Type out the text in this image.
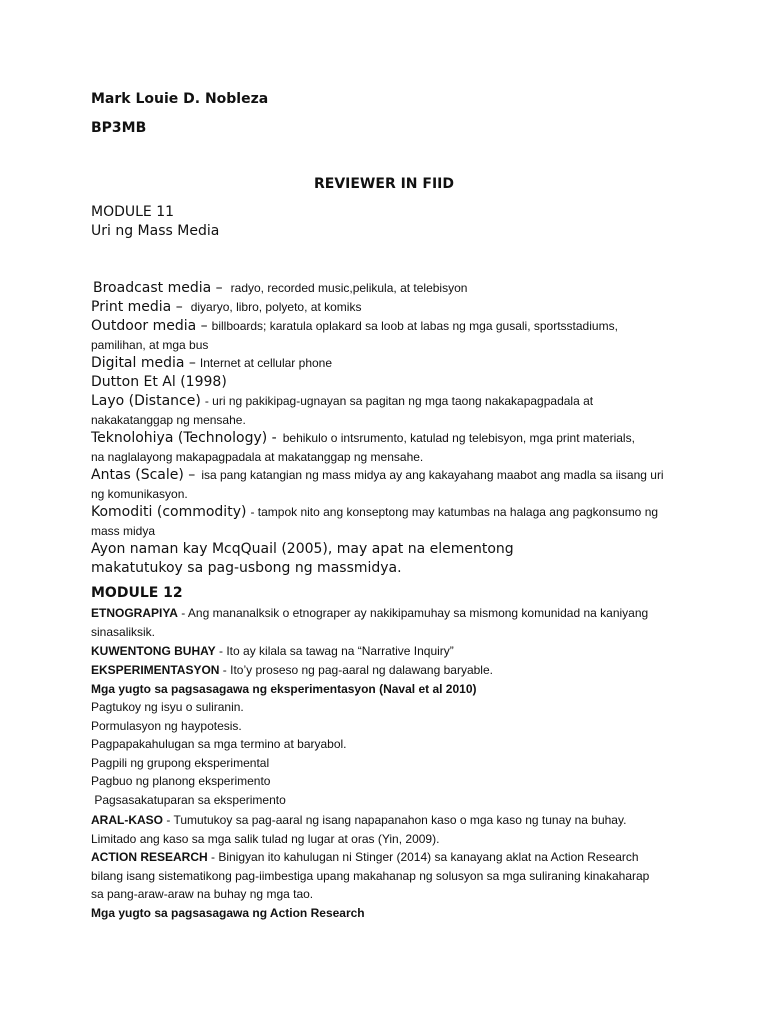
Mark Louie D. Nobleza
BP3MB
REVIEWER IN FIID
MODULE 11
Uri ng Mass Media
Broadcast media – radyo, recorded music,pelikula, at telebisyon
Print media – diyaryo, libro, polyeto, at komiks
Outdoor media – billboards; karatula oplakard sa loob at labas ng mga gusali, sportsstadiums,
pamilihan, at mga bus
Digital media – Internet at cellular phone
Dutton Et Al (1998)
Layo (Distance) - uri ng pakikipag-ugnayan sa pagitan ng mga taong nakakapagpadala at
nakakatanggap ng mensahe.
Teknolohiya (Technology) - behikulo o intsrumento, katulad ng telebisyon, mga print materials,
na naglalayong makapagpadala at makatanggap ng mensahe.
Antas (Scale) – isa pang katangian ng mass midya ay ang kakayahang maabot ang madla sa iisang uri
ng komunikasyon.
Komoditi (commodity) - tampok nito ang konseptong may katumbas na halaga ang pagkonsumo ng
mass midya
Ayon naman kay McqQuail (2005), may apat na elementong
makatutukoy sa pag-usbong ng massmidya.
MODULE 12
ETNOGRAPIYA - Ang mananalksik o etnograper ay nakikipamuhay sa mismong komunidad na kaniyang
sinasaliksik.
KUWENTONG BUHAY - Ito ay kilala sa tawag na “Narrative Inquiry”
EKSPERIMENTASYON - Ito’y proseso ng pag-aaral ng dalawang baryable.
Mga yugto sa pagsasagawa ng eksperimentasyon (Naval et al 2010)
Pagtukoy ng isyu o suliranin.
Pormulasyon ng haypotesis.
Pagpapakahulugan sa mga termino at baryabol.
Pagpili ng grupong eksperimental
Pagbuo ng planong eksperimento
Pagsasakatuparan sa eksperimento
ARAL-KASO - Tumutukoy sa pag-aaral ng isang napapanahon kaso o mga kaso ng tunay na buhay.
Limitado ang kaso sa mga salik tulad ng lugar at oras (Yin, 2009).
ACTION RESEARCH - Binigyan ito kahulugan ni Stinger (2014) sa kanayang aklat na Action Research
bilang isang sistematikong pag-iimbestiga upang makahanap ng solusyon sa mga suliraning kinakaharap
sa pang-araw-araw na buhay ng mga tao.
Mga yugto sa pagsasagawa ng Action Research
